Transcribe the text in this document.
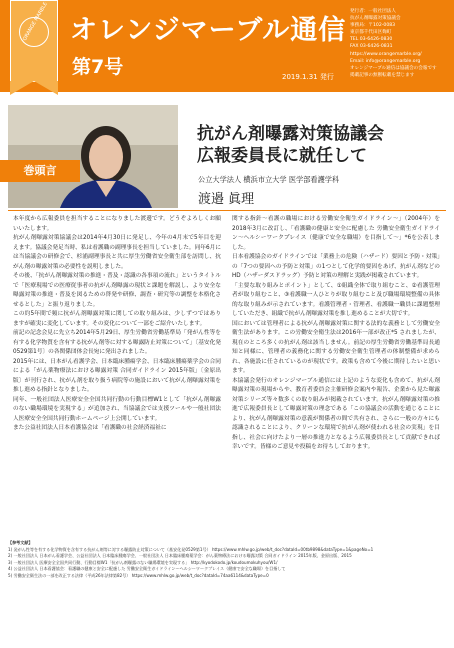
ORANGE MARBLE オレンジマーブル通信
第7号	2019.1.31 発行
発行者：一般社団法人
抗がん剤曝露対策協議会
事務局：〒102-0083
東京都千代田区麹町
TEL 03-6426-0830
FAX 03-6426-0831
https://www.orangemarble.org/
Email: info@orangemarble.org
オレンジマーブル通信は協議会の会報です
掲載記事の無断転載を禁じます
巻頭言
抗がん剤曝露対策協議会
広報委員長に就任して
公立大学法人 横浜市立大学 医学部看護学科
渡邉 眞理

本年度から広報委員を担当することになりました渡邊です。どうぞよろしくお願いいたします。

抗がん剤曝露対策協議会は2014年4月30日に発足し、今年の4月末で5年目を迎えます。協議会発足当時、私は看護職の副理事長を担当していました。同年6月には当協議会の研修会で、杉浦副理事長と共に厚生労働省安全衛生部を訪問し、抗がん剤の曝露対策の必要性を説明しました。

その後、「抗がん剤曝露対策の推進・普及・認識の各事項の流れ」というタイトルで「医療現場での医療従事者の抗がん剤曝露の現状と課題を解説し、より安全な曝露対策の推進・普及を図るための啓発や研修、調査・研究等の調整を本格化させるとした」と振り返りました。

この約5年間で頻に抗がん剤曝露対策に関しての取り組みは、少しずつではありますが確実に変化しています。その変化について一部をご紹介いたします。

前記の記念会見に先立ち2014年5月29日、厚生労働省労働基準局「発がん性等を有する化学物質を含有する抗がん剤等に対する曝露防止対策について」〔基安化発0529第1号〕の各関係団体会長宛に発出されました。

2015年には、日本がん看護学会、日本臨床腫瘍学会、日本臨床腫瘍薬学会の合同による「がん薬物療法における曝露対策 合同ガイドライン 2015年版」〔金原出版〕が刊行され、抗がん剤を取り扱う病院等の施設において抗がん剤曝露対策を推し進める指針となりました。

同年、一般社団法人医療安全全国共同行動の行動目標W1として「抗がん剤曝露のない職場環境を実現する」が追加され、当協議会では支援ツールや一般社団法人医療安全全国共同行動ホームページ上公開しています。

また公益社団法人日本看護協会は「看護職の社会経済福祉に

関する指針〜看護の職場における労働安全衛生ガイドライン〜」（2004年）を2018年3月に改訂し、「看護職の健康と安全に配慮した 労働安全衛生ガイドライン〜ヘルシーワークプレイス（健康で安全な職場）を目指して〜」*6を公表しました。

日本看護協会のガイドラインでは「業務上の危険（ハザード）要因と予防・対策」の「7つの要因への予防と対策」の1つとして化学的要因をあげ、抗がん剤などの HD（ハザーダスドラッグ）予防と対策の理解と実践が掲載されています。

「主要な取り組みとポイント」として、①組織全体で取り組むこと、②看護管理者が取り組むこと、③看護職一人ひとりが取り組むこと及び職場環境整備の具体的な取り組みが示されています。看護管理者・管理者、看護職一職員に課題整理していただき、組織で抗がん剤曝露対策を推し進めることが大切です。

国においては管理者による抗がん剤曝露対策に関する法的な義務として労働安全衛生法があります。この労働安全衛生法は2016年一部が改正*5 されましたが、現在のところ多くの抗がん剤は該当しません。前記の厚生労働省労働基準局長通知と同様に、管理者の義務化に関する労働安全衛生管理者の体制整備が求められ、各施設に任されているのが現状です。政策も含めて今後に期待したいと思います。

本協議会発行のオレンジマーブル通信には上記のような変化も含めて、抗がん剤曝露対策の現場からや、教育者委員会主催研修会案内や報告、企業から見た曝露対策シリーズ等々数多くの取り組みが掲載されています。抗がん剤曝露対策の推進で広報委員長として曝露対策の理念である「この協議会の活動を通じることにより、抗がん剤曝露対策の意義が関係者の間で共有され、さらに一般の方々にも認識されることにより、クリーンな環境で抗がん剤が使われる社会の実現」を目指し、社会に向けたより一層の推進力となるよう広報委員長として貢献できれば幸いです。皆様のご意見や投稿をお待ちしております。

【参考文献】
1) 発がん性等を有する化学物質を含有する抗がん剤等に対する曝露防止対策について（基安化発0529第1号） https://www.mhlw.go.jp/web/t_doc?dataId=00tb9898&dataType=1&pageNo=1
2) 一般社団法人 日本がん看護学会、公益社団法人 日本臨床腫瘍学会、一般社団法人 日本臨床腫瘍薬学会：がん薬物療法における曝露対策 合同ガイドライン 2015年版、金原出版、2015
3) 一般社団法人 医療安全全国共同行動、行動目標W1「抗がん剤曝露のない職場環境を実現する」 http://kyodokodo.jp/koudoumokuhyou/W1/
4) 公益社団法人 日本看護協会：看護職の健康と安全に配慮した 労働安全衛生ガイドライン〜ヘルシーワークプレイス（健康で安全な職場）を目指して
5) 労働安全衛生法の一部を改正する法律（平成26年法律第82号） https://www.mhlw.go.jp/web/t_doc?dataId=74aa6114&dataType=0
